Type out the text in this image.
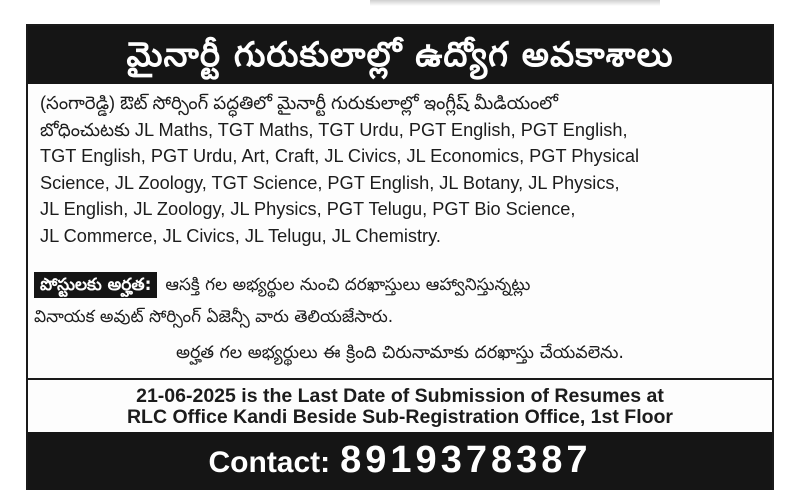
మైనార్టీ గురుకులాల్లో ఉద్యోగ అవకాశాలు
(సంగారెడ్డి) ఔట్ సోర్సింగ్ పద్ధతిలో మైనార్టీ గురుకులాల్లో ఇంగ్లీష్ మీడియంలో
బోధించుటకు JL Maths, TGT Maths, TGT Urdu, PGT English, PGT English,
TGT English, PGT Urdu, Art, Craft, JL Civics, JL Economics, PGT Physical
Science, JL Zoology, TGT Science, PGT English, JL Botany, JL Physics,
JL English, JL Zoology, JL Physics, PGT Telugu, PGT Bio Science,
JL Commerce, JL Civics, JL Telugu, JL Chemistry.
పోస్టులకు అర్హత: ఆసక్తి గల అభ్యర్థుల నుంచి దరఖాస్తులు ఆహ్వానిస్తున్నట్లు
వినాయక అవుట్ సోర్సింగ్ ఏజెన్సీ వారు తెలియజేసారు.
అర్హత గల అభ్యర్థులు ఈ క్రింది చిరునామాకు దరఖాస్తు చేయవలెను.
21-06-2025 is the Last Date of Submission of Resumes at
RLC Office Kandi Beside Sub-Registration Office, 1st Floor
Contact: 8919378387
